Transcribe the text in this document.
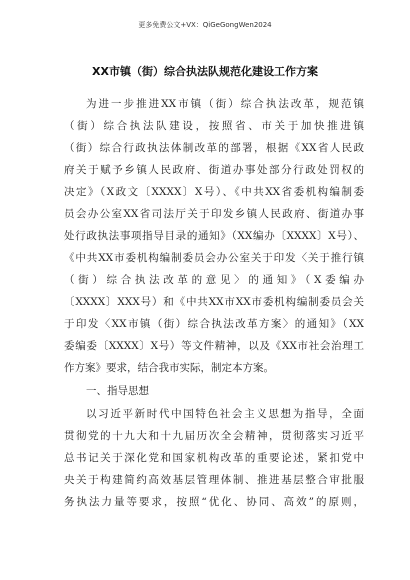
更多免费公文+VX：QiGeGongWen2024
XX市镇（街）综合执法队规范化建设工作方案
为进一步推进XX市镇（街）综合执法改革，规范镇
（街）综合执法队建设，按照省、市关于加快推进镇
（街）综合行政执法体制改革的部署，根据《XX省人民政
府关于赋予乡镇人民政府、街道办事处部分行政处罚权的
决定》（X政文〔XXXX〕X号）、《中共XX省委机构编制委
员会办公室XX省司法厅关于印发乡镇人民政府、街道办事
处行政执法事项指导目录的通知》（XX编办〔XXXX〕X号）、
《中共XX市委机构编制委员会办公室关于印发〈关于推行镇
（街）综合执法改革的意见〉的通知》（X委编办
〔XXXX〕XXX号）和《中共XX市XX市委机构编制委员会关
于印发〈XX市镇（街）综合执法改革方案〉的通知》（XX
委编委〔XXXX〕X号）等文件精神，以及《XX市社会治理工
作方案》要求，结合我市实际，制定本方案。
一、指导思想
以习近平新时代中国特色社会主义思想为指导，全面
贯彻党的十九大和十九届历次全会精神，贯彻落实习近平
总书记关于深化党和国家机构改革的重要论述，紧扣党中
央关于构建简约高效基层管理体制、推进基层整合审批服
务执法力量等要求，按照“优化、协同、高效”的原则，
